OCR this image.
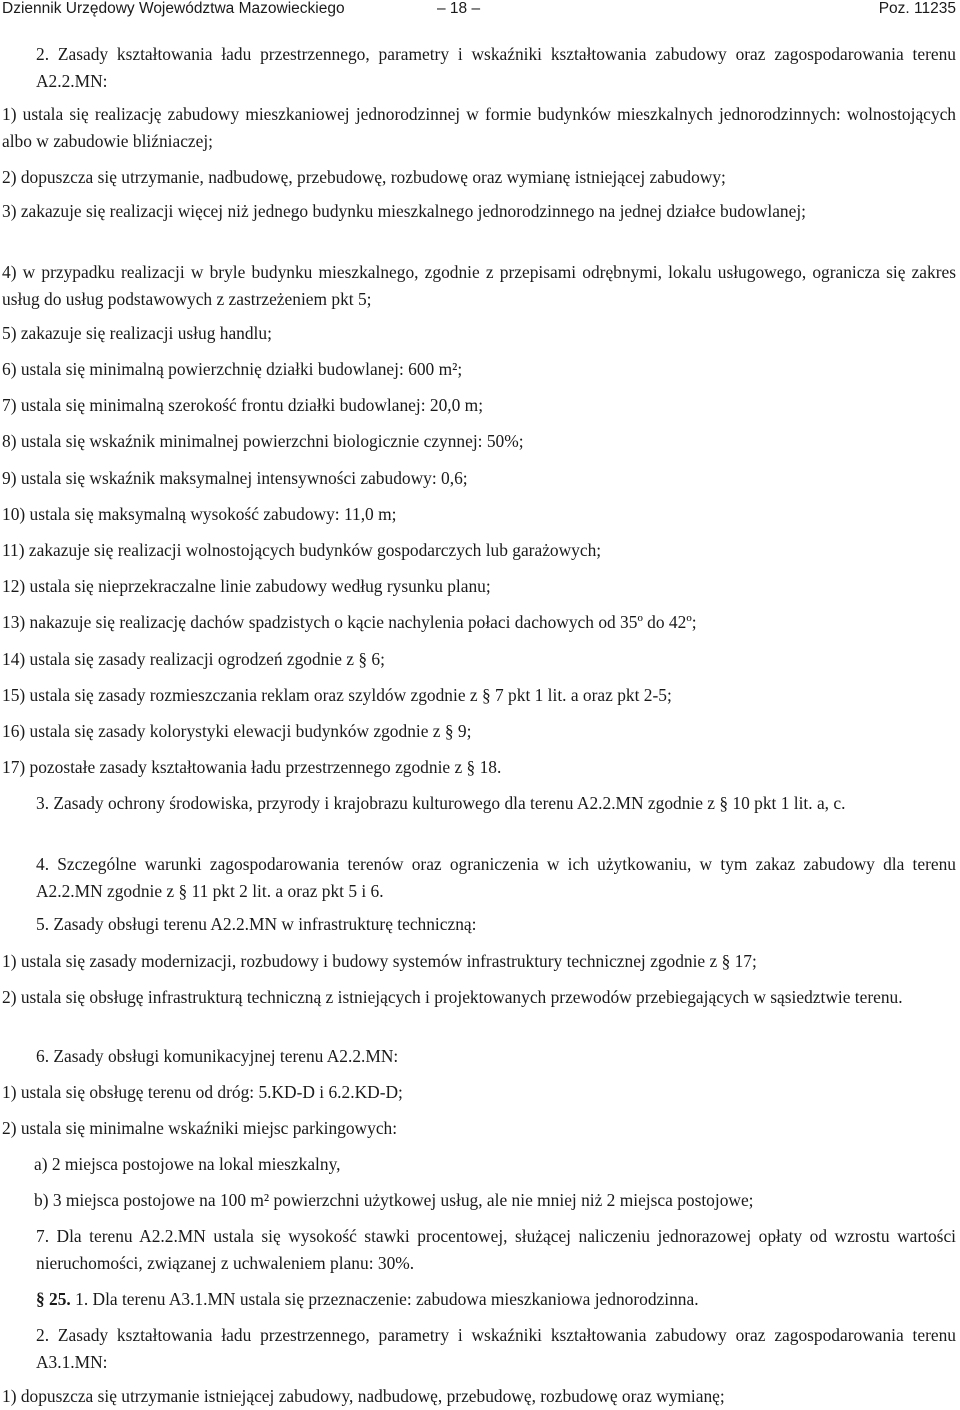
Dziennik Urzędowy Województwa Mazowieckiego	– 18 –	Poz. 11235

2. Zasady kształtowania ładu przestrzennego, parametry i wskaźniki kształtowania zabudowy oraz zagospodarowania terenu A2.2.MN:

1) ustala się realizację zabudowy mieszkaniowej jednorodzinnej w formie budynków mieszkalnych jednorodzinnych: wolnostojących albo w zabudowie bliźniaczej;

2) dopuszcza się utrzymanie, nadbudowę, przebudowę, rozbudowę oraz wymianę istniejącej zabudowy;

3) zakazuje się realizacji więcej niż jednego budynku mieszkalnego jednorodzinnego na jednej działce budowlanej;

4) w przypadku realizacji w bryle budynku mieszkalnego, zgodnie z przepisami odrębnymi, lokalu usługowego, ogranicza się zakres usług do usług podstawowych z zastrzeżeniem pkt 5;

5) zakazuje się realizacji usług handlu;

6) ustala się minimalną powierzchnię działki budowlanej: 600 m²;

7) ustala się minimalną szerokość frontu działki budowlanej: 20,0 m;

8) ustala się wskaźnik minimalnej powierzchni biologicznie czynnej: 50%;

9) ustala się wskaźnik maksymalnej intensywności zabudowy: 0,6;

10) ustala się maksymalną wysokość zabudowy: 11,0 m;

11) zakazuje się realizacji wolnostojących budynków gospodarczych lub garażowych;

12) ustala się nieprzekraczalne linie zabudowy według rysunku planu;

13) nakazuje się realizację dachów spadzistych o kącie nachylenia połaci dachowych od 35º do 42º;

14) ustala się zasady realizacji ogrodzeń zgodnie z § 6;

15) ustala się zasady rozmieszczania reklam oraz szyldów zgodnie z § 7 pkt 1 lit. a oraz pkt 2-5;

16) ustala się zasady kolorystyki elewacji budynków zgodnie z § 9;

17) pozostałe zasady kształtowania ładu przestrzennego zgodnie z § 18.

3. Zasady ochrony środowiska, przyrody i krajobrazu kulturowego dla terenu A2.2.MN zgodnie z § 10 pkt 1 lit. a, c.

4. Szczególne warunki zagospodarowania terenów oraz ograniczenia w ich użytkowaniu, w tym zakaz zabudowy dla terenu A2.2.MN zgodnie z § 11 pkt 2 lit. a oraz pkt 5 i 6.

5. Zasady obsługi terenu A2.2.MN w infrastrukturę techniczną:

1) ustala się zasady modernizacji, rozbudowy i budowy systemów infrastruktury technicznej zgodnie z § 17;

2) ustala się obsługę infrastrukturą techniczną z istniejących i projektowanych przewodów przebiegających w sąsiedztwie terenu.

6. Zasady obsługi komunikacyjnej terenu A2.2.MN:

1) ustala się obsługę terenu od dróg: 5.KD-D i 6.2.KD-D;

2) ustala się minimalne wskaźniki miejsc parkingowych:

a) 2 miejsca postojowe na lokal mieszkalny,

b) 3 miejsca postojowe na 100 m² powierzchni użytkowej usług, ale nie mniej niż 2 miejsca postojowe;

7. Dla terenu A2.2.MN ustala się wysokość stawki procentowej, służącej naliczeniu jednorazowej opłaty od wzrostu wartości nieruchomości, związanej z uchwaleniem planu: 30%.

§ 25. 1. Dla terenu A3.1.MN ustala się przeznaczenie: zabudowa mieszkaniowa jednorodzinna.

2. Zasady kształtowania ładu przestrzennego, parametry i wskaźniki kształtowania zabudowy oraz zagospodarowania terenu A3.1.MN:

1) dopuszcza się utrzymanie istniejącej zabudowy, nadbudowę, przebudowę, rozbudowę oraz wymianę;
